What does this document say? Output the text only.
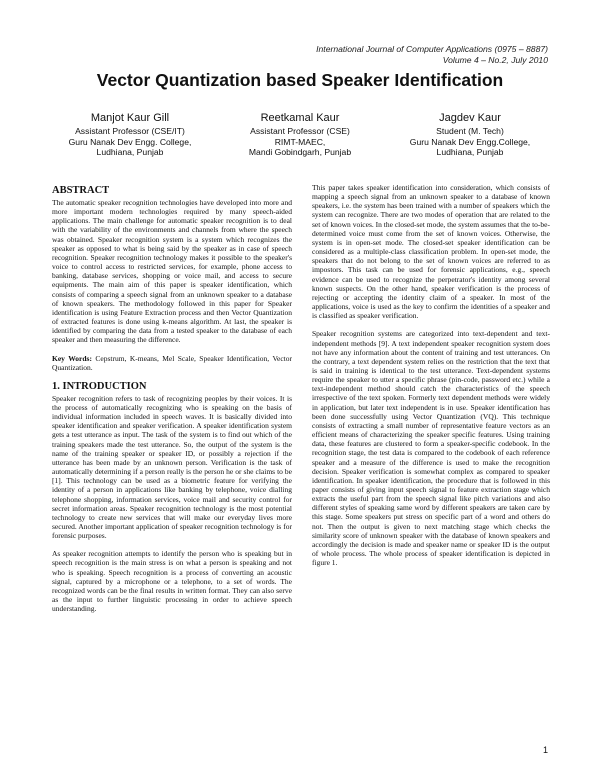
International Journal of Computer Applications (0975 – 8887)
Volume 4 – No.2, July 2010
Vector Quantization based Speaker Identification
Manjot Kaur Gill
Assistant Professor (CSE/IT)
Guru Nanak Dev Engg. College,
Ludhiana, Punjab
Reetkamal Kaur
Assistant Professor (CSE)
RIMT-MAEC,
Mandi Gobindgarh, Punjab
Jagdev Kaur
Student (M. Tech)
Guru Nanak Dev Engg.College,
Ludhiana, Punjab
ABSTRACT

The automatic speaker recognition technologies have developed into more and more important modern technologies required by many speech-aided applications. The main challenge for automatic speaker recognition is to deal with the variability of the environments and channels from where the speech was obtained. Speaker recognition system is a system which recognizes the speaker as opposed to what is being said by the speaker as in case of speech recognition. Speaker recognition technology makes it possible to the speaker's voice to control access to restricted services, for example, phone access to banking, database services, shopping or voice mail, and access to secure equipments. The main aim of this paper is speaker identification, which consists of comparing a speech signal from an unknown speaker to a database of known speakers. The methodology followed in this paper for Speaker identification is using Feature Extraction process and then Vector Quantization of extracted features is done using k-means algorithm. At last, the speaker is identified by comparing the data from a tested speaker to the database of each speaker and then measuring the difference.

Key Words: Cepstrum, K-means, Mel Scale, Speaker Identification, Vector Quantization.

1. INTRODUCTION

Speaker recognition refers to task of recognizing peoples by their voices. It is the process of automatically recognizing who is speaking on the basis of individual information included in speech waves. It is basically divided into speaker identification and speaker verification. A speaker identification system gets a test utterance as input. The task of the system is to find out which of the training speakers made the test utterance. So, the output of the system is the name of the training speaker or speaker ID, or possibly a rejection if the utterance has been made by an unknown person. Verification is the task of automatically determining if a person really is the person he or she claims to be [1]. This technology can be used as a biometric feature for verifying the identity of a person in applications like banking by telephone, voice dialling telephone shopping, information services, voice mail and security control for secret information areas. Speaker recognition technology is the most potential technology to create new services that will make our everyday lives more secured. Another important application of speaker recognition technology is for forensic purposes.

As speaker recognition attempts to identify the person who is speaking but in speech recognition is the main stress is on what a person is speaking and not who is speaking. Speech recognition is a process of converting an acoustic signal, captured by a microphone or a telephone, to a set of words. The recognized words can be the final results in written format. They can also serve as the input to further linguistic processing in order to achieve speech understanding.

This paper takes speaker identification into consideration, which consists of mapping a speech signal from an unknown speaker to a database of known speakers, i.e. the system has been trained with a number of speakers which the system can recognize. There are two modes of operation that are related to the set of known voices. In the closed-set mode, the system assumes that the to-be-determined voice must come from the set of known voices. Otherwise, the system is in open-set mode. The closed-set speaker identification can be considered as a multiple-class classification problem. In open-set mode, the speakers that do not belong to the set of known voices are referred to as impostors. This task can be used for forensic applications, e.g., speech evidence can be used to recognize the perpetrator's identity among several known suspects. On the other hand, speaker verification is the process of rejecting or accepting the identity claim of a speaker. In most of the applications, voice is used as the key to confirm the identities of a speaker and is classified as speaker verification.

Speaker recognition systems are categorized into text-dependent and text-independent methods [9]. A text independent speaker recognition system does not have any information about the content of training and test utterances. On the contrary, a text dependent system relies on the restriction that the text that is said in training is identical to the test utterance. Text-dependent systems require the speaker to utter a specific phrase (pin-code, password etc.) while a text-independent method should catch the characteristics of the speech irrespective of the text spoken. Formerly text dependent methods were widely in application, but later text independent is in use. Speaker identification has been done successfully using Vector Quantization (VQ). This technique consists of extracting a small number of representative feature vectors as an efficient means of characterizing the speaker specific features. Using training data, these features are clustered to form a speaker-specific codebook. In the recognition stage, the test data is compared to the codebook of each reference speaker and a measure of the difference is used to make the recognition decision. Speaker verification is somewhat complex as compared to speaker identification. In speaker identification, the procedure that is followed in this paper consists of giving input speech signal to feature extraction stage which extracts the useful part from the speech signal like pitch variations and also different styles of speaking same word by different speakers are taken care by this stage. Some speakers put stress on specific part of a word and others do not. Then the output is given to next matching stage which checks the similarity score of unknown speaker with the database of known speakers and accordingly the decision is made and speaker name or speaker ID is the output of whole process. The whole process of speaker identification is depicted in figure 1.

1
